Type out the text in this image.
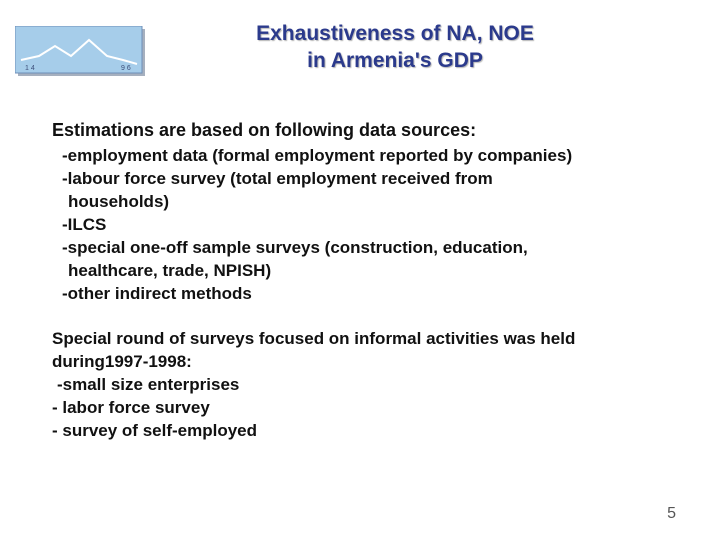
1 4	9 6
Exhaustiveness of NA, NOE
in Armenia's GDP
Estimations are based on following data sources:
-employment data (formal employment reported by companies)
-labour force survey (total employment received from
households)
-ILCS
-special one-off sample surveys (construction, education,
healthcare, trade, NPISH)
-other indirect methods
Special round of surveys focused on informal activities was held
during1997-1998:
-small size enterprises
- labor force survey
- survey of self-employed
5
